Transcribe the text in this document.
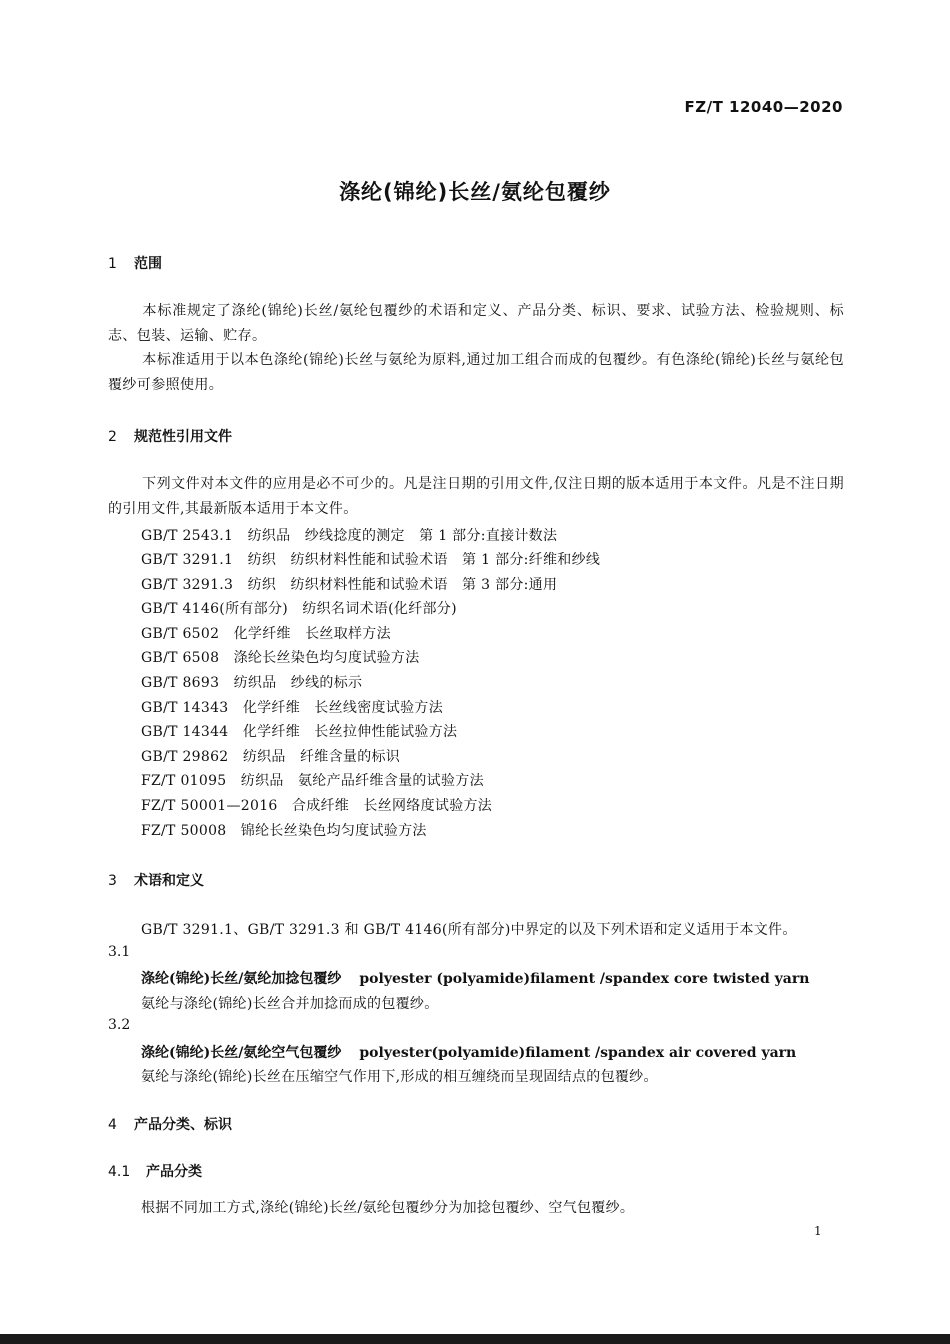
FZ/T 12040—2020
涤纶(锦纶)长丝/氨纶包覆纱
1 范围
本标准规定了涤纶(锦纶)长丝/氨纶包覆纱的术语和定义、产品分类、标识、要求、试验方法、检验规则、标志、包装、运输、贮存。
本标准适用于以本色涤纶(锦纶)长丝与氨纶为原料,通过加工组合而成的包覆纱。有色涤纶(锦纶)长丝与氨纶包覆纱可参照使用。
2 规范性引用文件
下列文件对本文件的应用是必不可少的。凡是注日期的引用文件,仅注日期的版本适用于本文件。凡是不注日期的引用文件,其最新版本适用于本文件。
GB/T 2543.1　纺织品　纱线捻度的测定　第 1 部分:直接计数法
GB/T 3291.1　纺织　纺织材料性能和试验术语　第 1 部分:纤维和纱线
GB/T 3291.3　纺织　纺织材料性能和试验术语　第 3 部分:通用
GB/T 4146(所有部分)　纺织名词术语(化纤部分)
GB/T 6502　化学纤维　长丝取样方法
GB/T 6508　涤纶长丝染色均匀度试验方法
GB/T 8693　纺织品　纱线的标示
GB/T 14343　化学纤维　长丝线密度试验方法
GB/T 14344　化学纤维　长丝拉伸性能试验方法
GB/T 29862　纺织品　纤维含量的标识
FZ/T 01095　纺织品　氨纶产品纤维含量的试验方法
FZ/T 50001—2016　合成纤维　长丝网络度试验方法
FZ/T 50008　锦纶长丝染色均匀度试验方法
3 术语和定义
GB/T 3291.1、GB/T 3291.3 和 GB/T 4146(所有部分)中界定的以及下列术语和定义适用于本文件。
3.1
涤纶(锦纶)长丝/氨纶加捻包覆纱 polyester (polyamide)filament /spandex core twisted yarn
氨纶与涤纶(锦纶)长丝合并加捻而成的包覆纱。
3.2
涤纶(锦纶)长丝/氨纶空气包覆纱 polyester(polyamide)filament /spandex air covered yarn
氨纶与涤纶(锦纶)长丝在压缩空气作用下,形成的相互缠绕而呈现固结点的包覆纱。
4 产品分类、标识
4.1 产品分类
根据不同加工方式,涤纶(锦纶)长丝/氨纶包覆纱分为加捻包覆纱、空气包覆纱。
1
